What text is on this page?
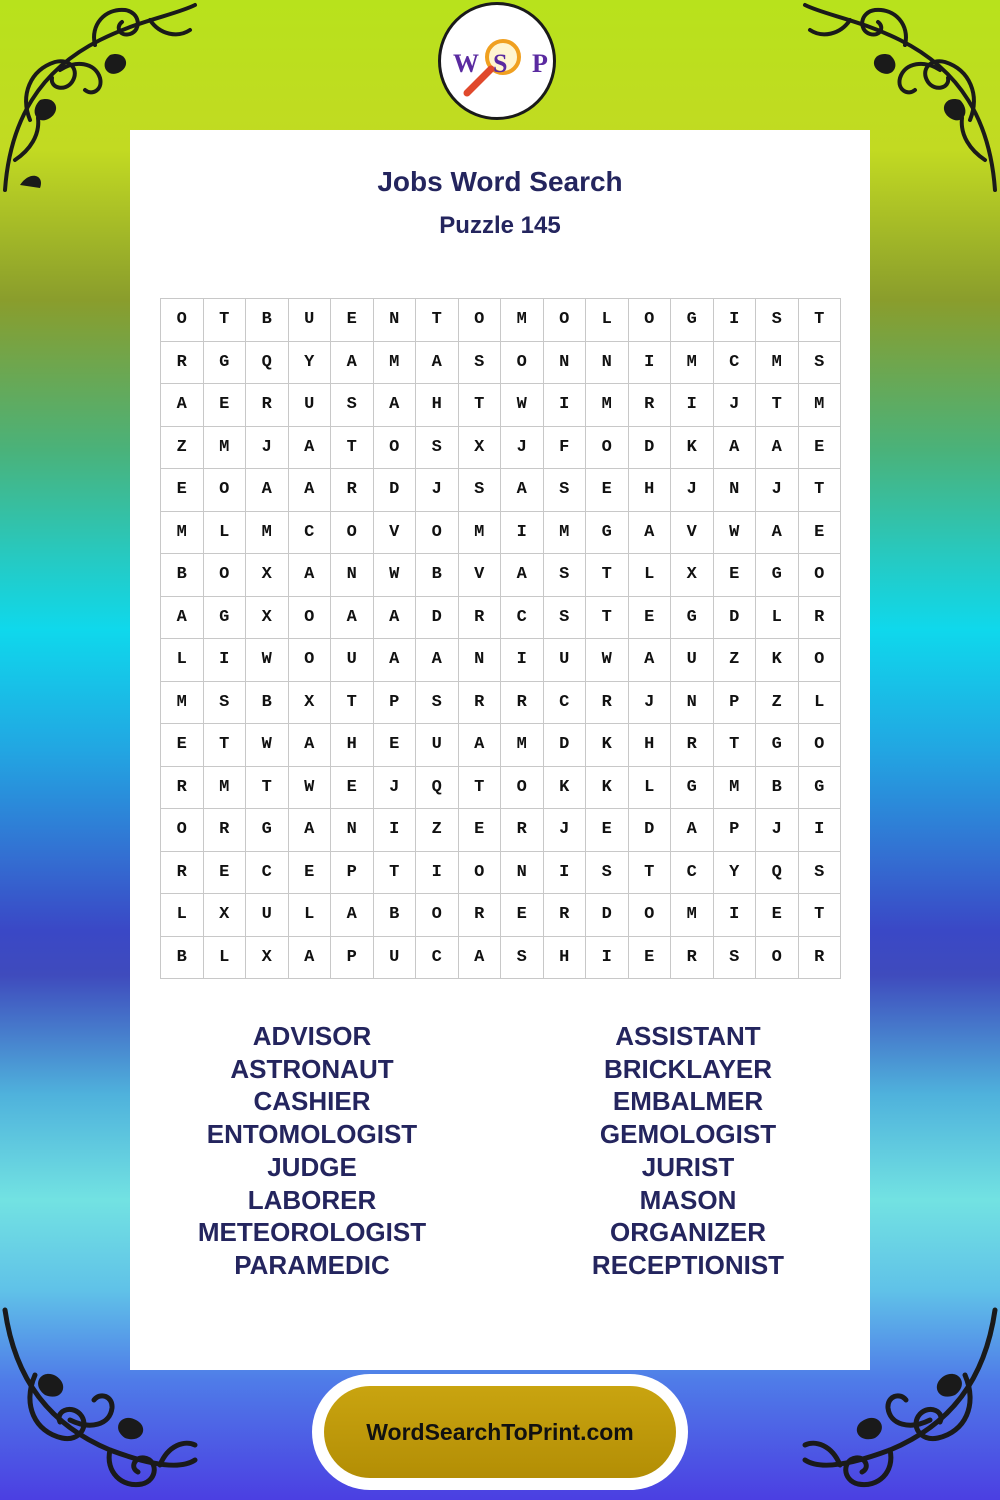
W S P
Jobs Word Search
Puzzle 145
O	T	B	U	E	N	T	O	M	O	L	O	G	I	S	T
R	G	Q	Y	A	M	A	S	O	N	N	I	M	C	M	S
A	E	R	U	S	A	H	T	W	I	M	R	I	J	T	M
Z	M	J	A	T	O	S	X	J	F	O	D	K	A	A	E
E	O	A	A	R	D	J	S	A	S	E	H	J	N	J	T
M	L	M	C	O	V	O	M	I	M	G	A	V	W	A	E
B	O	X	A	N	W	B	V	A	S	T	L	X	E	G	O
A	G	X	O	A	A	D	R	C	S	T	E	G	D	L	R
L	I	W	O	U	A	A	N	I	U	W	A	U	Z	K	O
M	S	B	X	T	P	S	R	R	C	R	J	N	P	Z	L
E	T	W	A	H	E	U	A	M	D	K	H	R	T	G	O
R	M	T	W	E	J	Q	T	O	K	K	L	G	M	B	G
O	R	G	A	N	I	Z	E	R	J	E	D	A	P	J	I
R	E	C	E	P	T	I	O	N	I	S	T	C	Y	Q	S
L	X	U	L	A	B	O	R	E	R	D	O	M	I	E	T
B	L	X	A	P	U	C	A	S	H	I	E	R	S	O	R
ADVISOR
ASTRONAUT
CASHIER
ENTOMOLOGIST
JUDGE
LABORER
METEOROLOGIST
PARAMEDIC
ASSISTANT
BRICKLAYER
EMBALMER
GEMOLOGIST
JURIST
MASON
ORGANIZER
RECEPTIONIST
WordSearchToPrint.com
